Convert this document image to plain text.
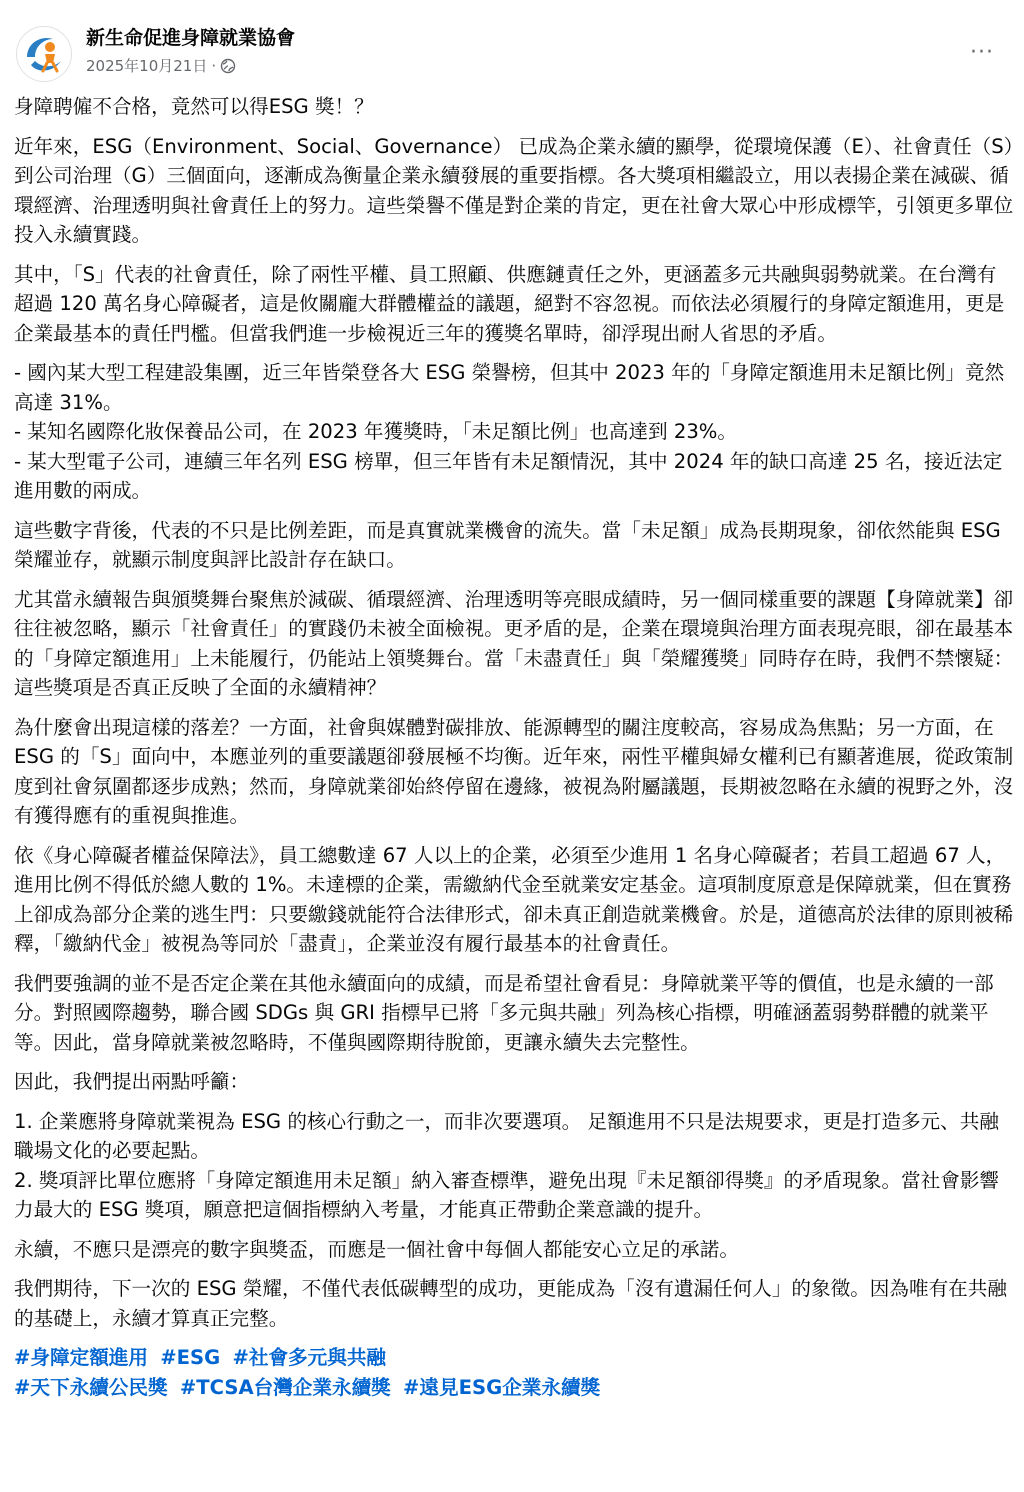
新生命促進身障就業協會
2025年10月21日 ·
···

身障聘僱不合格，竟然可以得ESG 獎！？

近年來，ESG（Environment、Social、Governance） 已成為企業永續的顯學，從環境保護（E）、社會責任（S）到公司治理（G）三個面向，逐漸成為衡量企業永續發展的重要指標。各大獎項相繼設立，用以表揚企業在減碳、循環經濟、治理透明與社會責任上的努力。這些榮譽不僅是對企業的肯定，更在社會大眾心中形成標竿，引領更多單位投入永續實踐。

其中，「S」代表的社會責任，除了兩性平權、員工照顧、供應鏈責任之外，更涵蓋多元共融與弱勢就業。在台灣有超過 120 萬名身心障礙者，這是攸關龐大群體權益的議題，絕對不容忽視。而依法必須履行的身障定額進用，更是企業最基本的責任門檻。但當我們進一步檢視近三年的獲獎名單時，卻浮現出耐人省思的矛盾。

- 國內某大型工程建設集團，近三年皆榮登各大 ESG 榮譽榜，但其中 2023 年的「身障定額進用未足額比例」竟然高達 31%。
- 某知名國際化妝保養品公司，在 2023 年獲獎時，「未足額比例」也高達到 23%。
- 某大型電子公司，連續三年名列 ESG 榜單，但三年皆有未足額情況，其中 2024 年的缺口高達 25 名，接近法定進用數的兩成。

這些數字背後，代表的不只是比例差距，而是真實就業機會的流失。當「未足額」成為長期現象，卻依然能與 ESG 榮耀並存，就顯示制度與評比設計存在缺口。

尤其當永續報告與頒獎舞台聚焦於減碳、循環經濟、治理透明等亮眼成績時，另一個同樣重要的課題【身障就業】卻往往被忽略，顯示「社會責任」的實踐仍未被全面檢視。更矛盾的是，企業在環境與治理方面表現亮眼，卻在最基本的「身障定額進用」上未能履行，仍能站上領獎舞台。當「未盡責任」與「榮耀獲獎」同時存在時，我們不禁懷疑：這些獎項是否真正反映了全面的永續精神？

為什麼會出現這樣的落差？一方面，社會與媒體對碳排放、能源轉型的關注度較高，容易成為焦點；另一方面，在 ESG 的「S」面向中，本應並列的重要議題卻發展極不均衡。近年來，兩性平權與婦女權利已有顯著進展，從政策制度到社會氛圍都逐步成熟；然而，身障就業卻始終停留在邊緣，被視為附屬議題，長期被忽略在永續的視野之外，沒有獲得應有的重視與推進。

依《身心障礙者權益保障法》，員工總數達 67 人以上的企業，必須至少進用 1 名身心障礙者；若員工超過 67 人，進用比例不得低於總人數的 1%。未達標的企業，需繳納代金至就業安定基金。這項制度原意是保障就業，但在實務上卻成為部分企業的逃生門：只要繳錢就能符合法律形式，卻未真正創造就業機會。於是，道德高於法律的原則被稀釋，「繳納代金」被視為等同於「盡責」，企業並沒有履行最基本的社會責任。

我們要強調的並不是否定企業在其他永續面向的成績，而是希望社會看見：身障就業平等的價值，也是永續的一部分。對照國際趨勢，聯合國 SDGs 與 GRI 指標早已將「多元與共融」列為核心指標，明確涵蓋弱勢群體的就業平等。因此，當身障就業被忽略時，不僅與國際期待脫節，更讓永續失去完整性。

因此，我們提出兩點呼籲：

1. 企業應將身障就業視為 ESG 的核心行動之一，而非次要選項。 足額進用不只是法規要求，更是打造多元、共融職場文化的必要起點。
2. 獎項評比單位應將「身障定額進用未足額」納入審查標準，避免出現『未足額卻得獎』的矛盾現象。當社會影響力最大的 ESG 獎項，願意把這個指標納入考量，才能真正帶動企業意識的提升。

永續，不應只是漂亮的數字與獎盃，而應是一個社會中每個人都能安心立足的承諾。

我們期待，下一次的 ESG 榮耀，不僅代表低碳轉型的成功，更能成為「沒有遺漏任何人」的象徵。因為唯有在共融的基礎上，永續才算真正完整。

#身障定額進用 #ESG #社會多元與共融
#天下永續公民獎 #TCSA台灣企業永續獎 #遠見ESG企業永續獎
